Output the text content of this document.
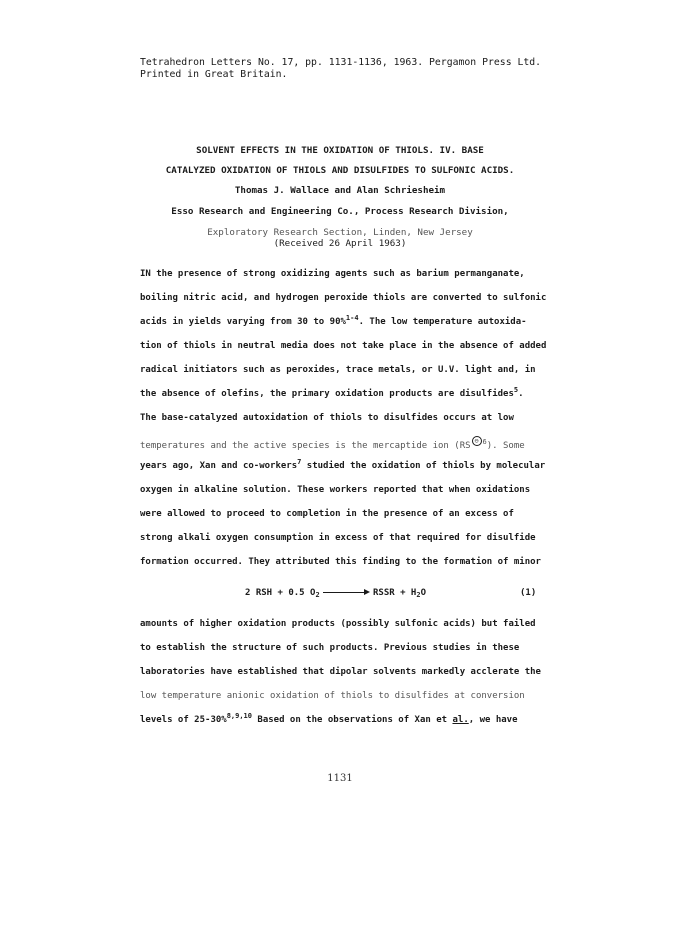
Tetrahedron Letters No. 17, pp. 1131-1136, 1963. Pergamon Press Ltd.
Printed in Great Britain.
SOLVENT EFFECTS IN THE OXIDATION OF THIOLS. IV. BASE
CATALYZED OXIDATION OF THIOLS AND DISULFIDES TO SULFONIC ACIDS.
Thomas J. Wallace and Alan Schriesheim
Esso Research and Engineering Co., Process Research Division,
Exploratory Research Section, Linden, New Jersey
(Received 26 April 1963)
IN the presence of strong oxidizing agents such as barium permanganate,
boiling nitric acid, and hydrogen peroxide thiols are converted to sulfonic
acids in yields varying from 30 to 90%$^{1-4}$. The low temperature autoxida-
tion of thiols in neutral media does not take place in the absence of added
radical initiators such as peroxides, trace metals, or U.V. light and, in
the absence of olefins, the primary oxidation products are disulfides$^5$.
The base-catalyzed autoxidation of thiols to disulfides occurs at low
temperatures and the active species is the mercaptide ion (RS ⊖ $^6$). Some
years ago, Xan and co-workers$^7$ studied the oxidation of thiols by molecular
oxygen in alkaline solution. These workers reported that when oxidations
were allowed to proceed to completion in the presence of an excess of
strong alkali oxygen consumption in excess of that required for disulfide
formation occurred. They attributed this finding to the formation of minor
2 RSH + 0.5 $O_2$	RSSR + $H_2O$	(1)
amounts of higher oxidation products (possibly sulfonic acids) but failed
to establish the structure of such products. Previous studies in these
laboratories have established that dipolar solvents markedly acclerate the
low temperature anionic oxidation of thiols to disulfides at conversion
levels of 25-30%$^{8,9,10}$ Based on the observations of Xan et al., we have
1131
